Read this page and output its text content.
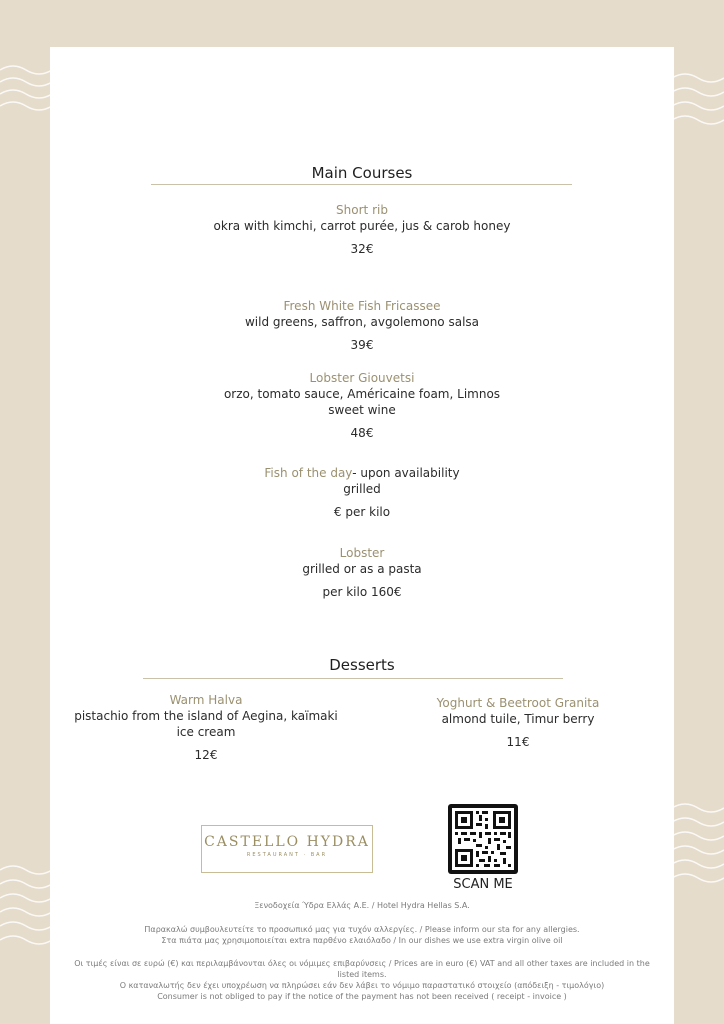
Main Courses
Short rib
okra with kimchi, carrot purée, jus & carob honey
32€
Fresh White Fish Fricassee
wild greens, saffron, avgolemono salsa
39€
Lobster Giouvetsi
orzo, tomato sauce, Américaine foam, Limnos sweet wine
48€
Fish of the day- upon availability
grilled
€ per kilo
Lobster
grilled or as a pasta
per kilo 160€
Desserts
Warm Halva
pistachio from the island of Aegina, kaïmaki ice cream
12€
Yoghurt & Beetroot Granita
almond tuile, Timur berry
11€
CASTELLO HYDRA
RESTAURANT · BAR
SCAN ME
Ξενοδοχεία Ύδρα Ελλάς Α.Ε. / Hotel Hydra Hellas S.A.
Παρακαλώ συμβουλευτείτε το προσωπικό μας για τυχόν αλλεργίες. / Please inform our sta for any allergies.
Στα πιάτα μας χρησιμοποιείται extra παρθένο ελαιόλαδο / In our dishes we use extra virgin olive oil
Οι τιμές είναι σε ευρώ (€) και περιλαμβάνονται όλες οι νόμιμες επιβαρύνσεις / Prices are in euro (€) VAT and all other taxes are included in the listed items.
Ο καταναλωτής δεν έχει υποχρέωση να πληρώσει εάν δεν λάβει το νόμιμο παραστατικό στοιχείο (απόδειξη - τιμολόγιο)
Consumer is not obliged to pay if the notice of the payment has not been received ( receipt - invoice )
